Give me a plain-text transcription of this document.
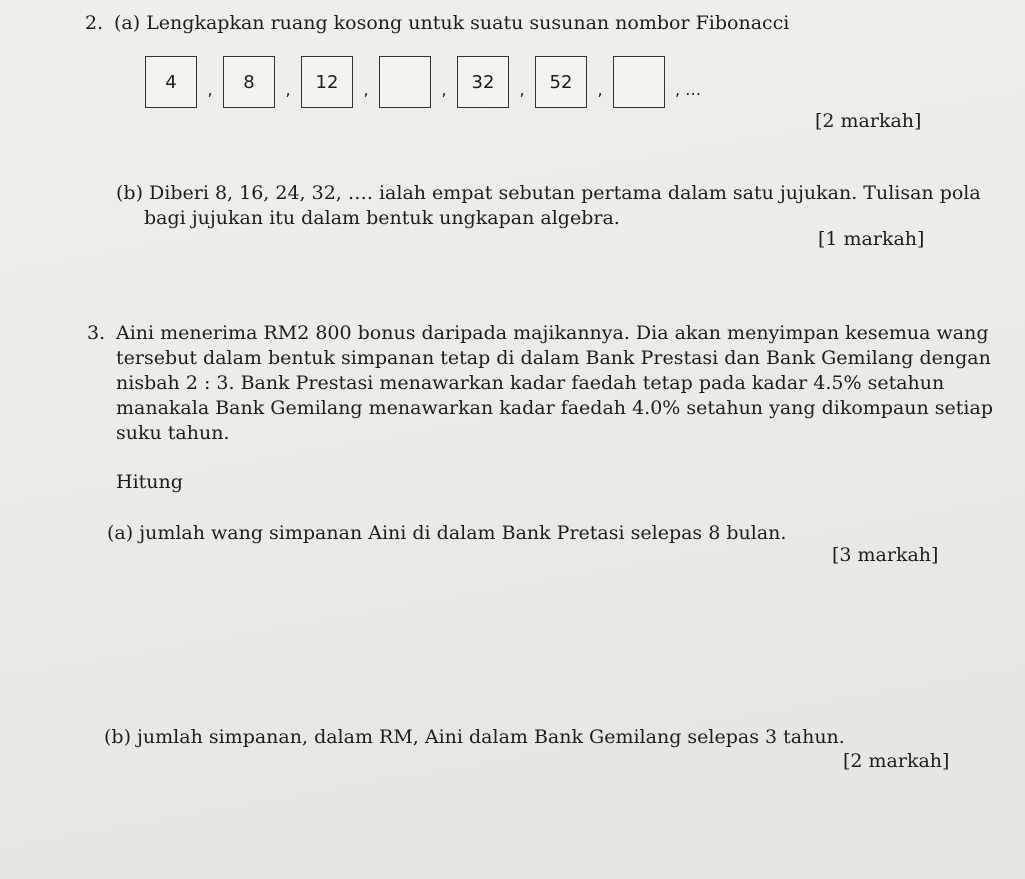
2. (a) Lengkapkan ruang kosong untuk suatu susunan nombor Fibonacci
4	,	8	,	12	,	,	32	,	52	,	, …
[2 markah]
(b) Diberi 8, 16, 24, 32, …. ialah empat sebutan pertama dalam satu jujukan. Tulisan pola
bagi jujukan itu dalam bentuk ungkapan algebra.
[1 markah]
3. Aini menerima RM2 800 bonus daripada majikannya. Dia akan menyimpan kesemua wang
tersebut dalam bentuk simpanan tetap di dalam Bank Prestasi dan Bank Gemilang dengan
nisbah 2 : 3. Bank Prestasi menawarkan kadar faedah tetap pada kadar 4.5% setahun
manakala Bank Gemilang menawarkan kadar faedah 4.0% setahun yang dikompaun setiap
suku tahun.
Hitung
(a) jumlah wang simpanan Aini di dalam Bank Pretasi selepas 8 bulan.
[3 markah]
(b) jumlah simpanan, dalam RM, Aini dalam Bank Gemilang selepas 3 tahun.
[2 markah]
